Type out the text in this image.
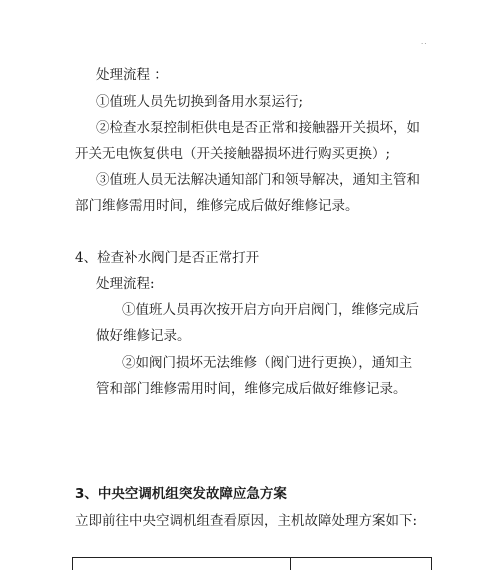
..
处理流程 ：
①值班人员先切换到备用水泵运行;
②检查水泵控制柜供电是否正常和接触器开关损坏，如
开关无电恢复供电（开关接触器损坏进行购买更换）;
③值班人员无法解决通知部门和领导解决，通知主管和
部门维修需用时间，维修完成后做好维修记录。
4、检查补水阀门是否正常打开
处理流程:
①值班人员再次按开启方向开启阀门，维修完成后
做好维修记录。
②如阀门损坏无法维修（阀门进行更换），通知主
管和部门维修需用时间，维修完成后做好维修记录。
3、中央空调机组突发故障应急方案
立即前往中央空调机组查看原因，主机故障处理方案如下:
